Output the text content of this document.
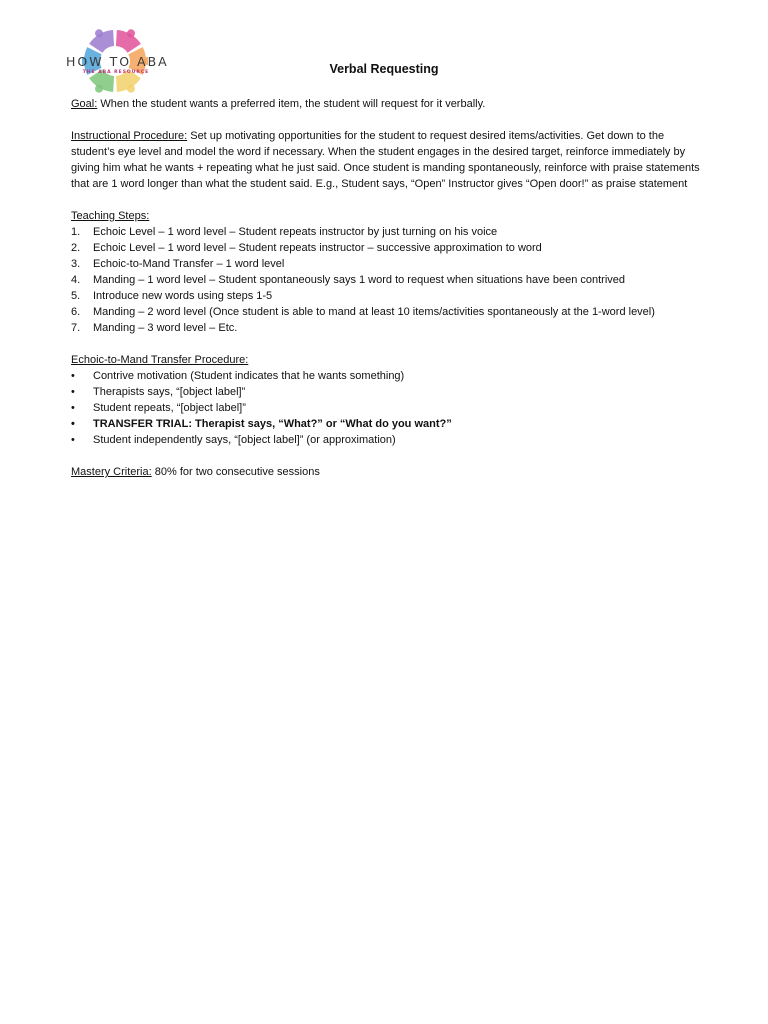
HOW TO ABA
THE ABA RESOURCE	Verbal Requesting

Goal: When the student wants a preferred item, the student will request for it verbally.

Instructional Procedure: Set up motivating opportunities for the student to request desired items/activities. Get down to the student’s eye level and model the word if necessary. When the student engages in the desired target, reinforce immediately by giving him what he wants + repeating what he just said. Once student is manding spontaneously, reinforce with praise statements that are 1 word longer than what the student said. E.g., Student says, “Open” Instructor gives “Open door!” as praise statement

Teaching Steps:
1. Echoic Level – 1 word level – Student repeats instructor by just turning on his voice
2. Echoic Level – 1 word level – Student repeats instructor – successive approximation to word
3. Echoic-to-Mand Transfer – 1 word level
4. Manding – 1 word level – Student spontaneously says 1 word to request when situations have been contrived
5. Introduce new words using steps 1-5
6. Manding – 2 word level (Once student is able to mand at least 10 items/activities spontaneously at the 1-word level)
7. Manding – 3 word level – Etc.
Echoic-to-Mand Transfer Procedure:
• Contrive motivation (Student indicates that he wants something)
• Therapists says, “[object label]”
• Student repeats, “[object label]”
• TRANSFER TRIAL: Therapist says, “What?” or “What do you want?”
• Student independently says, “[object label]” (or approximation)

Mastery Criteria: 80% for two consecutive sessions
